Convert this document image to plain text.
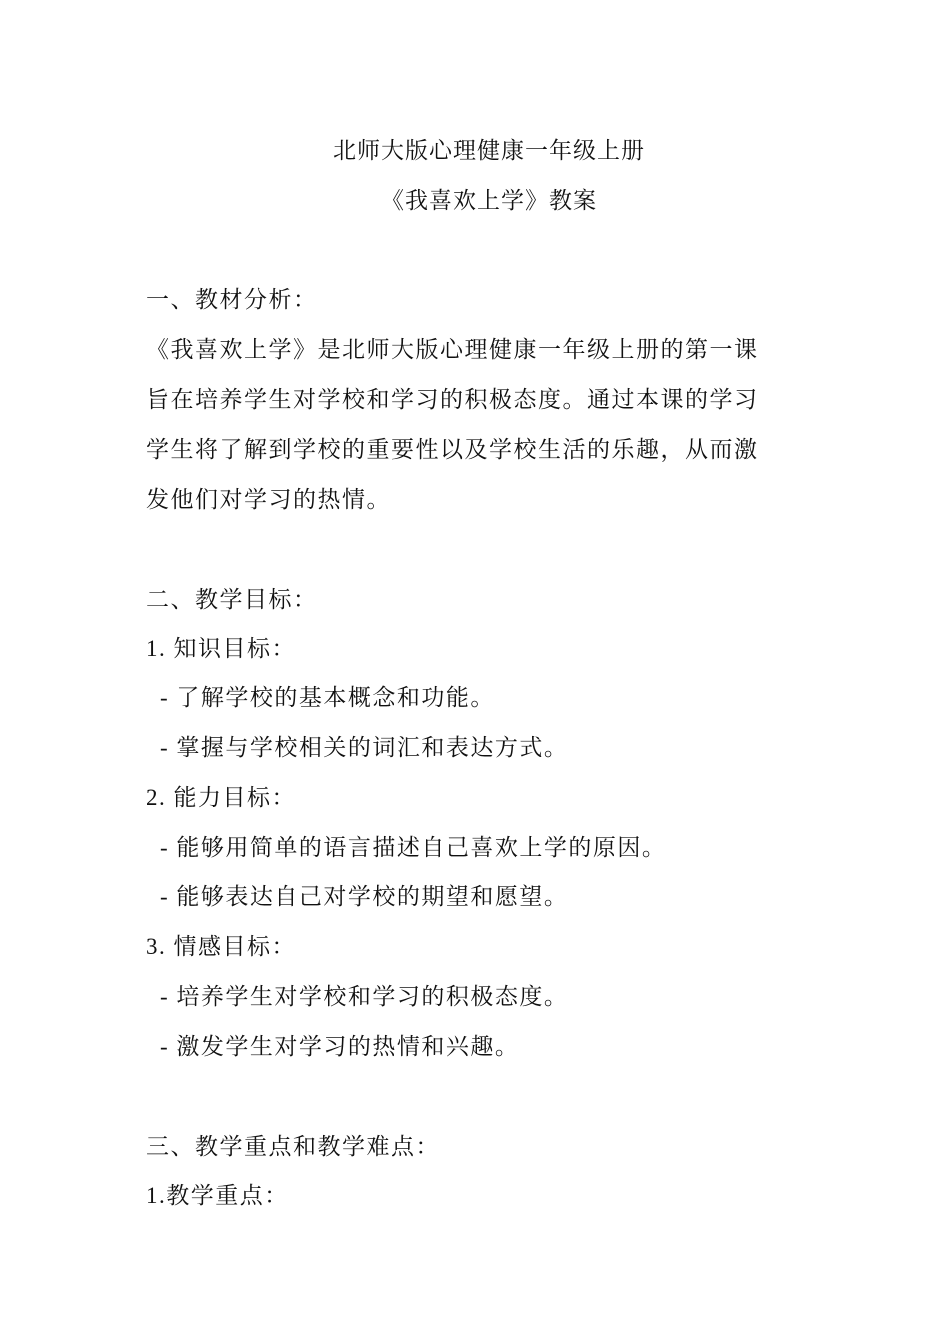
北师大版心理健康一年级上册
《我喜欢上学》教案
一、教材分析：
《我喜欢上学》是北师大版心理健康一年级上册的第一课
旨在培养学生对学校和学习的积极态度。通过本课的学习
学生将了解到学校的重要性以及学校生活的乐趣，从而激
发他们对学习的热情。
二、教学目标：
1. 知识目标：
- 了解学校的基本概念和功能。
- 掌握与学校相关的词汇和表达方式。
2. 能力目标：
- 能够用简单的语言描述自己喜欢上学的原因。
- 能够表达自己对学校的期望和愿望。
3. 情感目标：
- 培养学生对学校和学习的积极态度。
- 激发学生对学习的热情和兴趣。
三、教学重点和教学难点：
1.教学重点：
